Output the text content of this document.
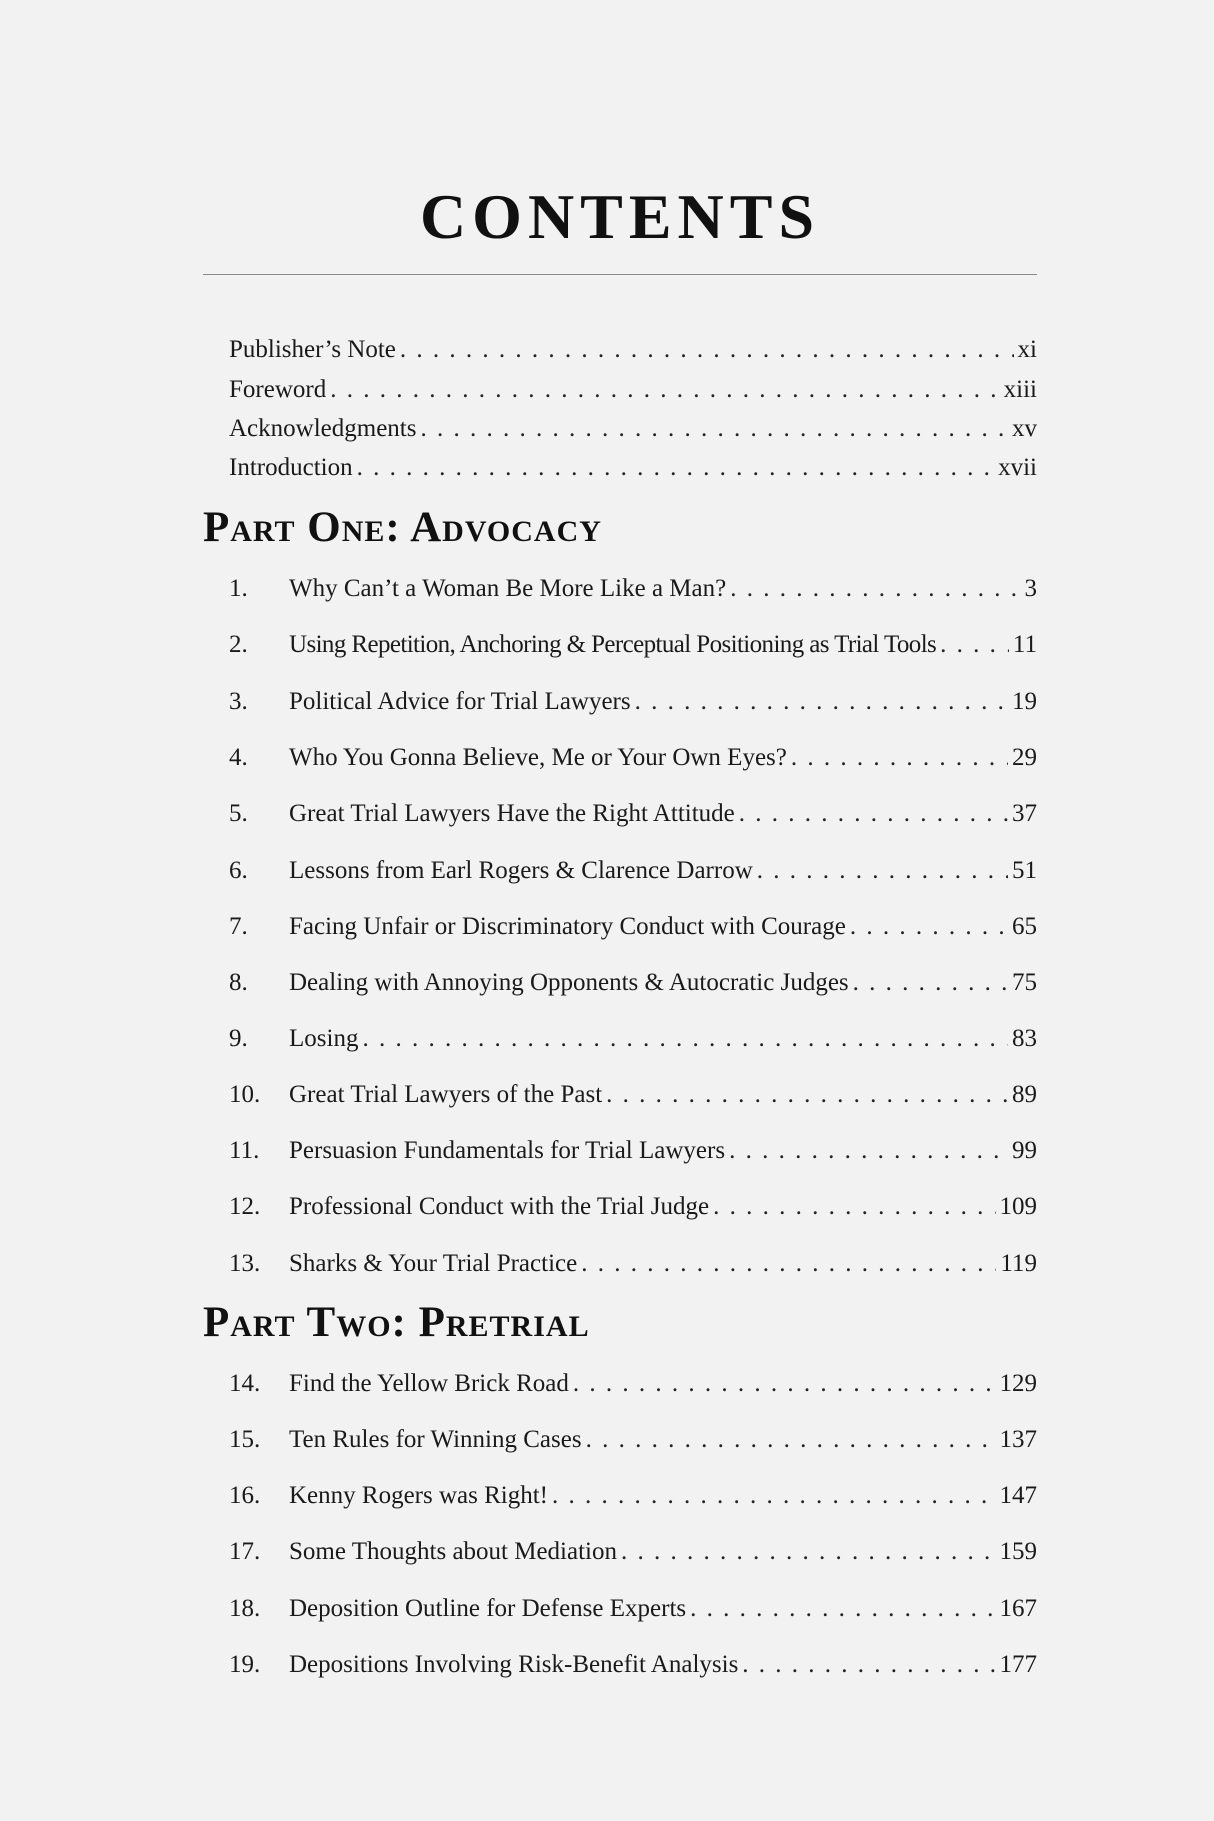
CONTENTS
Publisher’s Note . . .	xi
Foreword . . .	xiii
Acknowledgments . . .	xv
Introduction . . .	xvii
Part One: Advocacy
1.	Why Can’t a Woman Be More Like a Man? . . .	3
2.	Using Repetition, Anchoring & Perceptual Positioning as Trial Tools . . .	11
3.	Political Advice for Trial Lawyers . . .	19
4.	Who You Gonna Believe, Me or Your Own Eyes? . . .	29
5.	Great Trial Lawyers Have the Right Attitude . . .	37
6.	Lessons from Earl Rogers & Clarence Darrow . . .	51
7.	Facing Unfair or Discriminatory Conduct with Courage . . .	65
8.	Dealing with Annoying Opponents & Autocratic Judges . . .	75
9.	Losing . . .	83
10.	Great Trial Lawyers of the Past . . .	89
11.	Persuasion Fundamentals for Trial Lawyers . . .	99
12.	Professional Conduct with the Trial Judge . . .	109
13.	Sharks & Your Trial Practice . . .	119
Part Two: Pretrial
14.	Find the Yellow Brick Road . . .	129
15.	Ten Rules for Winning Cases . . .	137
16.	Kenny Rogers was Right! . . .	147
17.	Some Thoughts about Mediation . . .	159
18.	Deposition Outline for Defense Experts . . .	167
19.	Depositions Involving Risk-Benefit Analysis . . .	177
